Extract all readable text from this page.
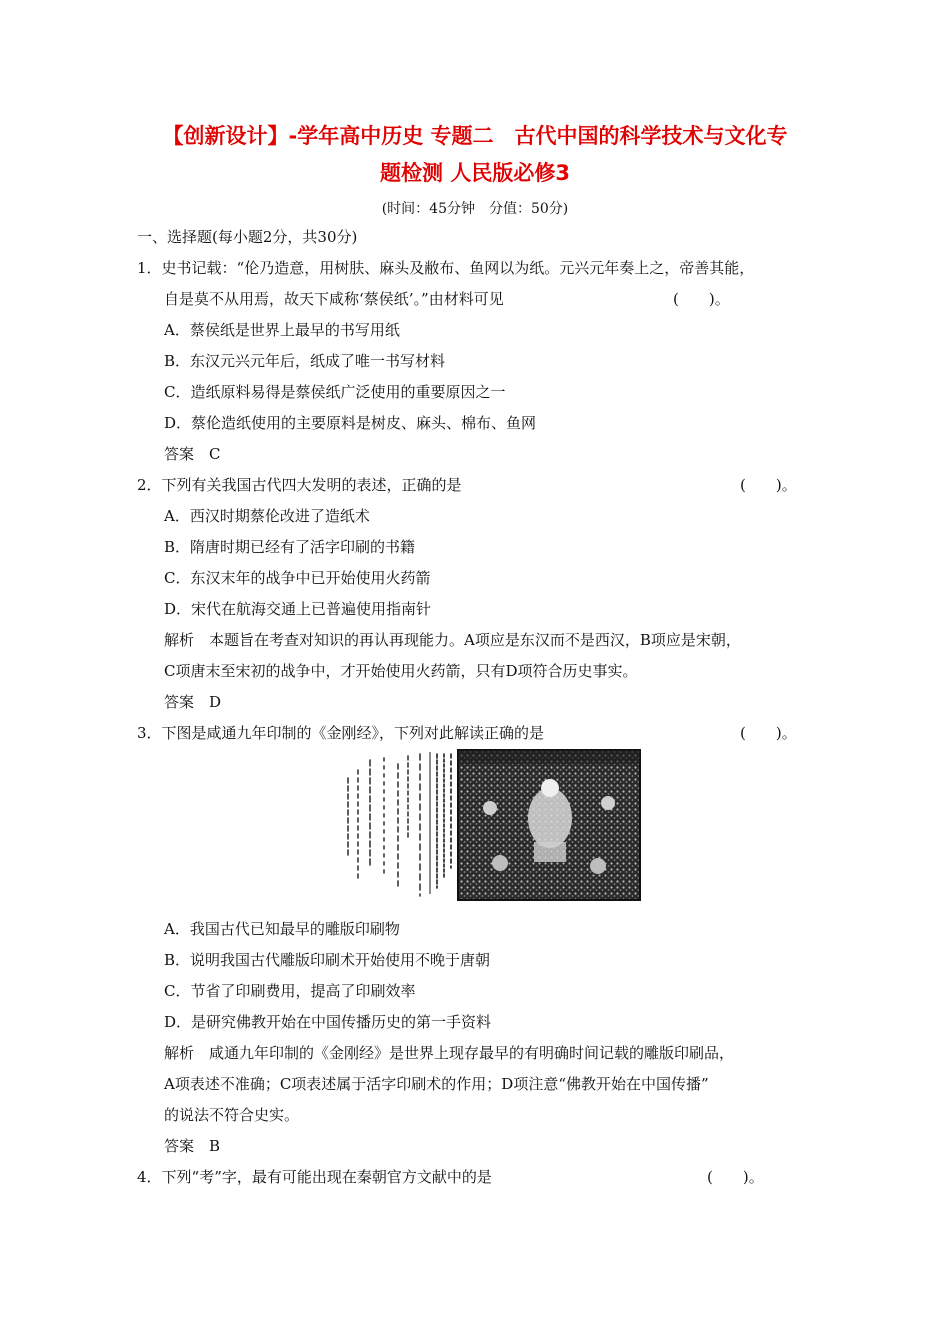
【创新设计】-学年高中历史 专题二　古代中国的科学技术与文化专
题检测 人民版必修3
(时间：45分钟　分值：50分)
一、选择题(每小题2分，共30分)
1．史书记载：“伦乃造意，用树肤、麻头及敝布、鱼网以为纸。元兴元年奏上之，帝善其能，
自是莫不从用焉，故天下咸称‘蔡侯纸’。”由材料可见	(　　)。
A．蔡侯纸是世界上最早的书写用纸
B．东汉元兴元年后，纸成了唯一书写材料
C．造纸原料易得是蔡侯纸广泛使用的重要原因之一
D．蔡伦造纸使用的主要原料是树皮、麻头、棉布、鱼网
答案　C
2．下列有关我国古代四大发明的表述，正确的是	(　　)。
A．西汉时期蔡伦改进了造纸术
B．隋唐时期已经有了活字印刷的书籍
C．东汉末年的战争中已开始使用火药箭
D．宋代在航海交通上已普遍使用指南针
解析　本题旨在考查对知识的再认再现能力。A项应是东汉而不是西汉，B项应是宋朝，
C项唐末至宋初的战争中，才开始使用火药箭，只有D项符合历史事实。
答案　D
3．下图是咸通九年印制的《金刚经》，下列对此解读正确的是	(　　)。
A．我国古代已知最早的雕版印刷物
B．说明我国古代雕版印刷术开始使用不晚于唐朝
C．节省了印刷费用，提高了印刷效率
D．是研究佛教开始在中国传播历史的第一手资料
解析　咸通九年印制的《金刚经》是世界上现存最早的有明确时间记载的雕版印刷品，
A项表述不准确；C项表述属于活字印刷术的作用；D项注意“佛教开始在中国传播”
的说法不符合史实。
答案　B
4．下列“考”字，最有可能出现在秦朝官方文献中的是	(　　)。
